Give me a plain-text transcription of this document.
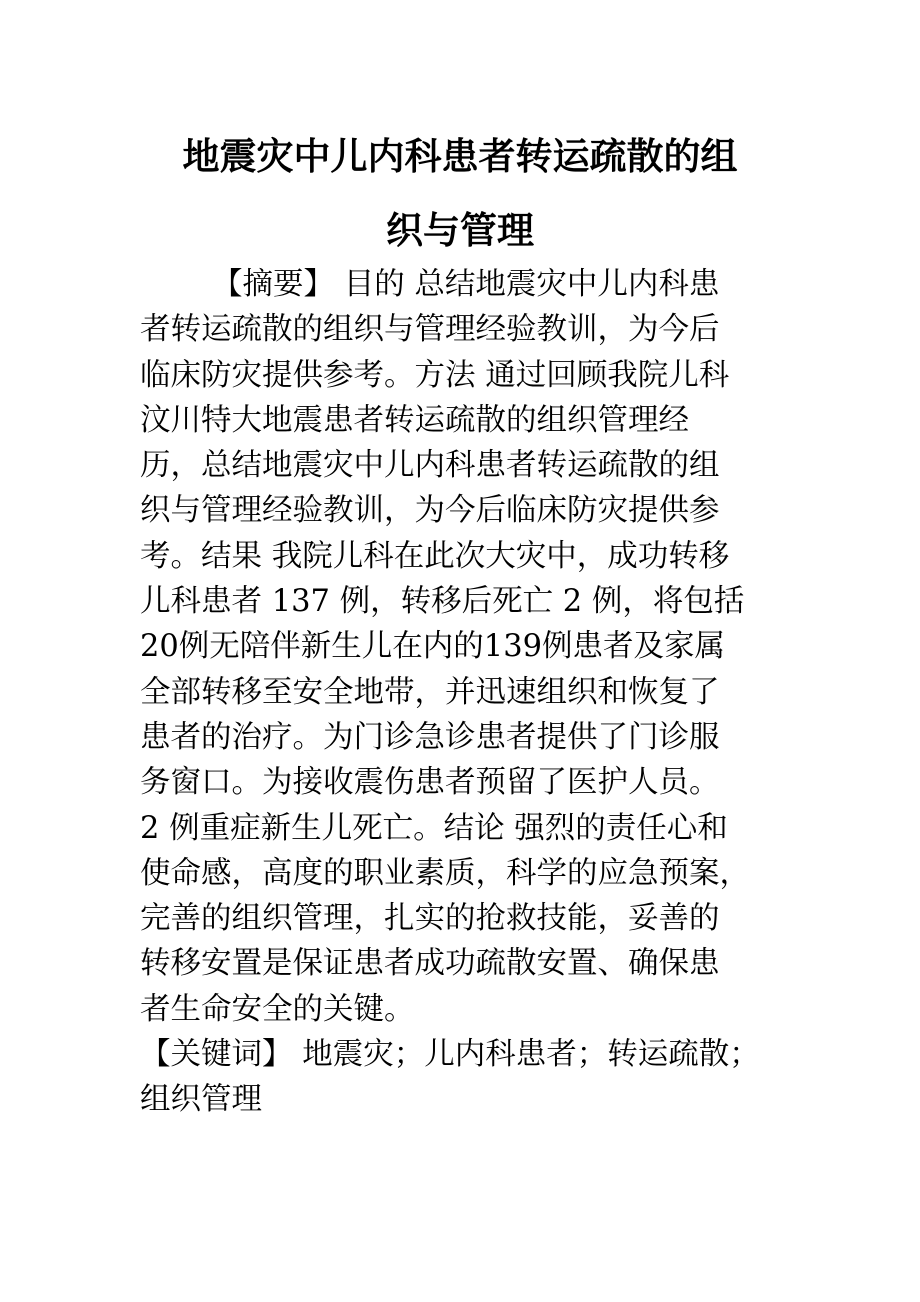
地震灾中儿内科患者转运疏散的组
织与管理
【摘要】 目的 总结地震灾中儿内科患
者转运疏散的组织与管理经验教训，为今后
临床防灾提供参考。方法 通过回顾我院儿科
汶川特大地震患者转运疏散的组织管理经
历，总结地震灾中儿内科患者转运疏散的组
织与管理经验教训，为今后临床防灾提供参
考。结果 我院儿科在此次大灾中，成功转移
儿科患者 137 例，转移后死亡 2 例，将包括
20例无陪伴新生儿在内的139例患者及家属
全部转移至安全地带，并迅速组织和恢复了
患者的治疗。为门诊急诊患者提供了门诊服
务窗口。为接收震伤患者预留了医护人员。
2 例重症新生儿死亡。结论 强烈的责任心和
使命感，高度的职业素质，科学的应急预案，
完善的组织管理，扎实的抢救技能，妥善的
转移安置是保证患者成功疏散安置、确保患
者生命安全的关键。
【关键词】 地震灾；儿内科患者；转运疏散；
组织管理
